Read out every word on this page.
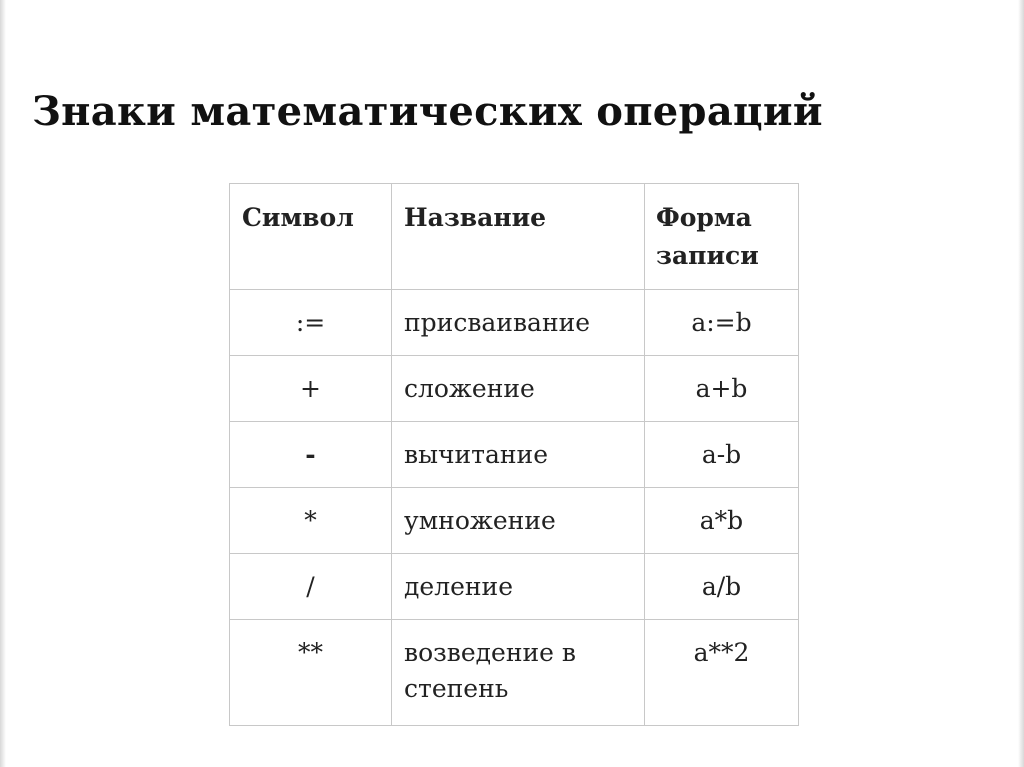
Знаки математических операций
Символ	Название	Форма записи
:=	присваивание	a:=b
+	сложение	a+b
-	вычитание	a-b
*	умножение	a*b
/	деление	a/b
**	возведение в степень	a**2
